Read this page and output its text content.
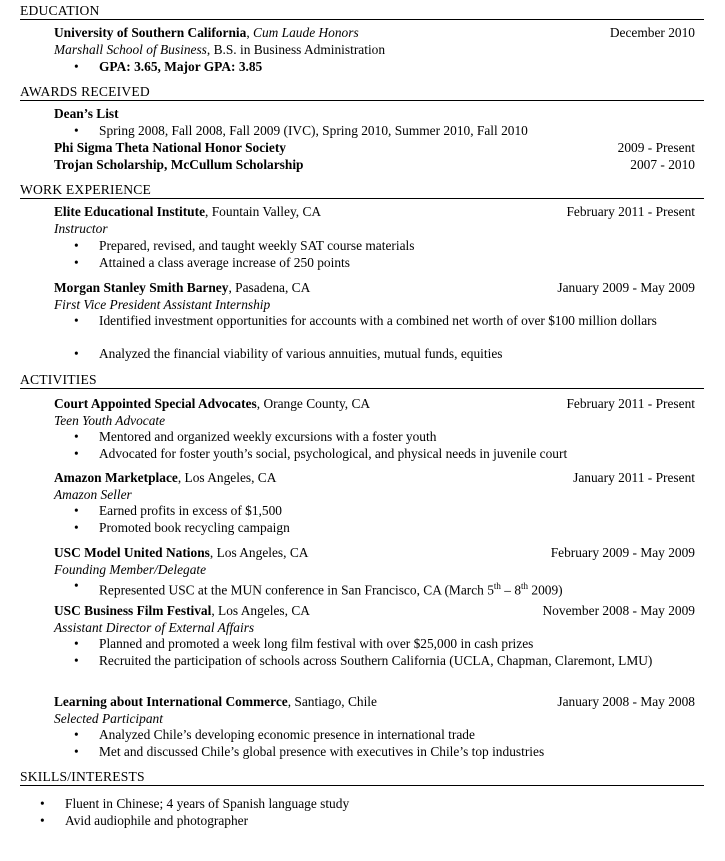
EDUCATION
University of Southern California, Cum Laude Honors	December 2010
Marshall School of Business, B.S. in Business Administration
• GPA: 3.65, Major GPA: 3.85
AWARDS RECEIVED
Dean’s List
• Spring 2008, Fall 2008, Fall 2009 (IVC), Spring 2010, Summer 2010, Fall 2010
Phi Sigma Theta National Honor Society	2009 - Present
Trojan Scholarship, McCullum Scholarship	2007 - 2010
WORK EXPERIENCE
Elite Educational Institute, Fountain Valley, CA	February 2011 - Present
Instructor
• Prepared, revised, and taught weekly SAT course materials
• Attained a class average increase of 250 points
Morgan Stanley Smith Barney, Pasadena, CA	January 2009 - May 2009
First Vice President Assistant Internship
• Identified investment opportunities for accounts with a combined net worth of over $100 million dollars
• Analyzed the financial viability of various annuities, mutual funds, equities
ACTIVITIES
Court Appointed Special Advocates, Orange County, CA	February 2011 - Present
Teen Youth Advocate
• Mentored and organized weekly excursions with a foster youth
• Advocated for foster youth’s social, psychological, and physical needs in juvenile court
Amazon Marketplace, Los Angeles, CA	January 2011 - Present
Amazon Seller
• Earned profits in excess of $1,500
• Promoted book recycling campaign
USC Model United Nations, Los Angeles, CA	February 2009 - May 2009
Founding Member/Delegate
• Represented USC at the MUN conference in San Francisco, CA (March 5th – 8th 2009)
USC Business Film Festival, Los Angeles, CA	November 2008 - May 2009
Assistant Director of External Affairs
• Planned and promoted a week long film festival with over $25,000 in cash prizes
• Recruited the participation of schools across Southern California (UCLA, Chapman, Claremont, LMU)
Learning about International Commerce, Santiago, Chile	January 2008 - May 2008
Selected Participant
• Analyzed Chile’s developing economic presence in international trade
• Met and discussed Chile’s global presence with executives in Chile’s top industries
SKILLS/INTERESTS
• Fluent in Chinese; 4 years of Spanish language study
• Avid audiophile and photographer
